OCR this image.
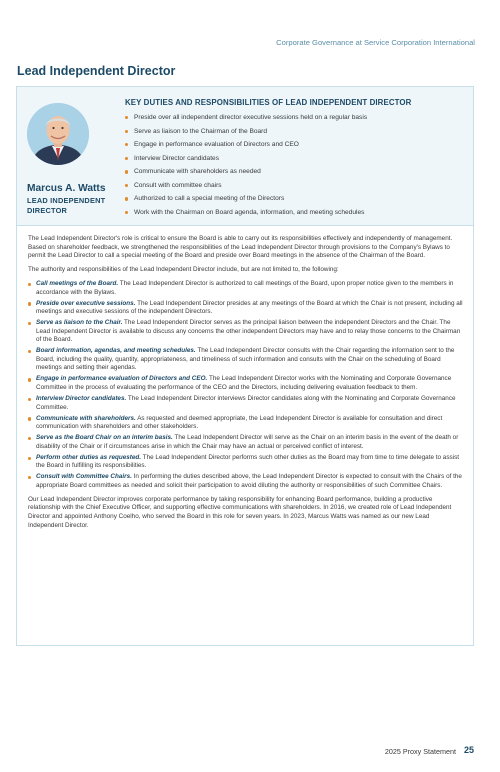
Corporate Governance at Service Corporation International
Lead Independent Director
Marcus A. Watts
LEAD INDEPENDENT DIRECTOR
KEY DUTIES AND RESPONSIBILITIES OF LEAD INDEPENDENT DIRECTOR
Preside over all independent director executive sessions held on a regular basis
Serve as liaison to the Chairman of the Board
Engage in performance evaluation of Directors and CEO
Interview Director candidates
Communicate with shareholders as needed
Consult with committee chairs
Authorized to call a special meeting of the Directors
Work with the Chairman on Board agenda, information, and meeting schedules

The Lead Independent Director's role is critical to ensure the Board is able to carry out its responsibilities effectively and independently of management. Based on shareholder feedback, we strengthened the responsibilities of the Lead Independent Director through provisions to the Company's Bylaws to permit the Lead Director to call a special meeting of the Board and preside over Board meetings in the absence of the Chairman of the Board.

The authority and responsibilities of the Lead Independent Director include, but are not limited to, the following:

Call meetings of the Board. The Lead Independent Director is authorized to call meetings of the Board, upon proper notice given to the members in accordance with the Bylaws.
Preside over executive sessions. The Lead Independent Director presides at any meetings of the Board at which the Chair is not present, including all meetings and executive sessions of the independent Directors.
Serve as liaison to the Chair. The Lead Independent Director serves as the principal liaison between the independent Directors and the Chair. The Lead Independent Director is available to discuss any concerns the other independent Directors may have and to relay those concerns to the Chairman of the Board.
Board information, agendas, and meeting schedules. The Lead Independent Director consults with the Chair regarding the information sent to the Board, including the quality, quantity, appropriateness, and timeliness of such information and consults with the Chair on the scheduling of Board meetings and setting their agendas.
Engage in performance evaluation of Directors and CEO. The Lead Independent Director works with the Nominating and Corporate Governance Committee in the process of evaluating the performance of the CEO and the Directors, including delivering evaluation feedback to them.
Interview Director candidates. The Lead Independent Director interviews Director candidates along with the Nominating and Corporate Governance Committee.
Communicate with shareholders. As requested and deemed appropriate, the Lead Independent Director is available for consultation and direct communication with shareholders and other stakeholders.
Serve as the Board Chair on an interim basis. The Lead Independent Director will serve as the Chair on an interim basis in the event of the death or disability of the Chair or if circumstances arise in which the Chair may have an actual or perceived conflict of interest.
Perform other duties as requested. The Lead Independent Director performs such other duties as the Board may from time to time delegate to assist the Board in fulfilling its responsibilities.
Consult with Committee Chairs. In performing the duties described above, the Lead Independent Director is expected to consult with the Chairs of the appropriate Board committees as needed and solicit their participation to avoid diluting the authority or responsibilities of such Committee Chairs.

Our Lead Independent Director improves corporate performance by taking responsibility for enhancing Board performance, building a productive relationship with the Chief Executive Officer, and supporting effective communications with shareholders. In 2016, we created role of Lead Independent Director and appointed Anthony Coelho, who served the Board in this role for seven years. In 2023, Marcus Watts was named as our new Lead Independent Director.

2025 Proxy Statement 25
